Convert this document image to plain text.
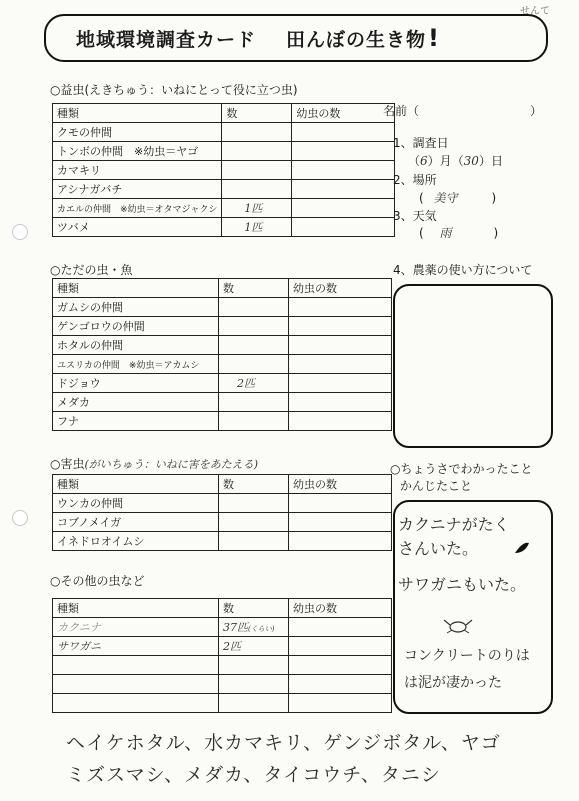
せんて
地域環境調査カード 田んぼの生き物 !
○益虫(えきちゅう：いねにとって役に立つ虫)
種類	数	幼虫の数
クモの仲間		
トンボの仲間　※幼虫＝ヤゴ		
カマキリ		
アシナガバチ		
カエルの仲間　※幼虫＝オタマジャクシ	1匹	
ツバメ	1匹	
○ただの虫・魚
種類	数	幼虫の数
ガムシの仲間		
ゲンゴロウの仲間		
ホタルの仲間		
ユスリカの仲間　※幼虫＝アカムシ		
ドジョウ	2匹	
メダカ		
フナ		
○害虫(がいちゅう：いねに害をあたえる)
種類	数	幼虫の数
ウンカの仲間		
コブノメイガ		
イネドロオイムシ		
○その他の虫など
種類	数	幼虫の数
カクニナ	37匹(くらい)	
サワガニ	2匹	

名前（	）
1、調査日
（6）月（30）日
2、場所
( 美守	)
3、天気
( 雨	)
4、農薬の使い方について
○ちょうさでわかったこと
かんじたこと
カクニナがたく
さんいた。
サワガニもいた。
コンクリートのりは
は泥が凄かった
ヘイケホタル、水カマキリ、ゲンジボタル、ヤゴ
ミズスマシ、メダカ、タイコウチ、タニシ
